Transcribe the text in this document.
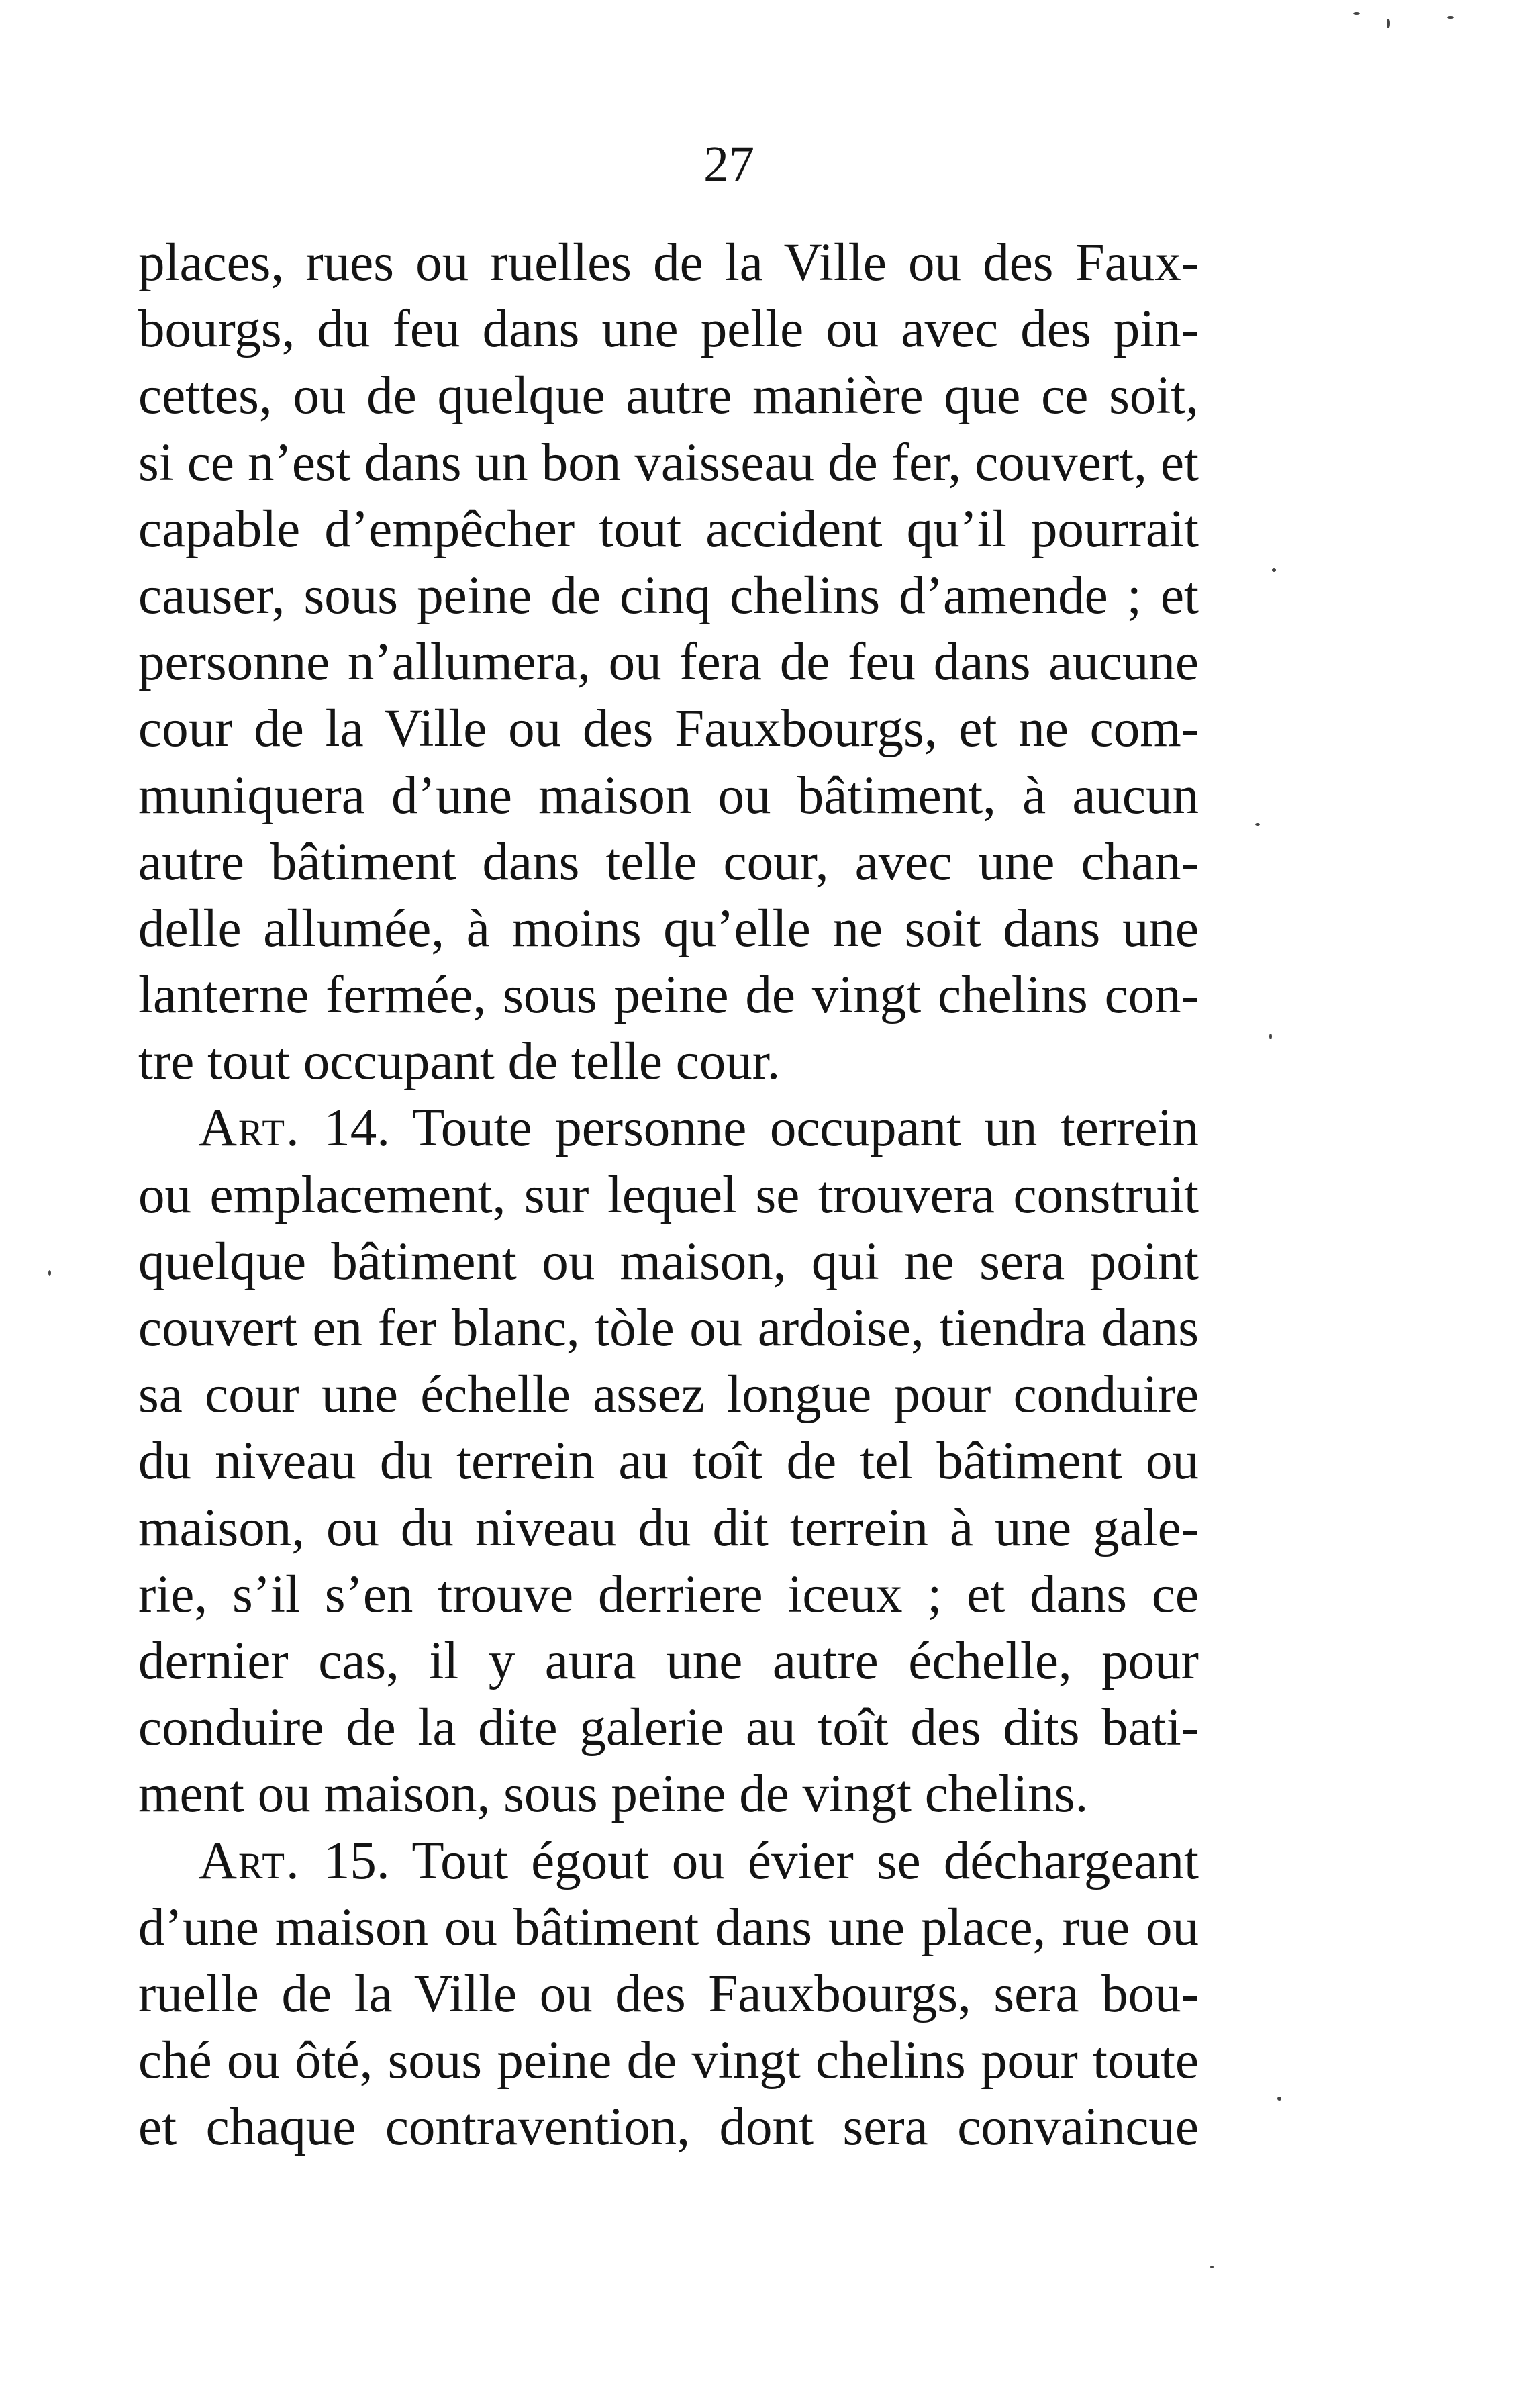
27
places, rues ou ruelles de la Ville ou des Faux-
bourgs, du feu dans une pelle ou avec des pin-
cettes, ou de quelque autre manière que ce soit,
si ce n’est dans un bon vaisseau de fer, couvert, et
capable d’empêcher tout accident qu’il pourrait
causer, sous peine de cinq chelins d’amende ; et
personne n’allumera, ou fera de feu dans aucune
cour de la Ville ou des Fauxbourgs, et ne com-
muniquera d’une maison ou bâtiment, à aucun
autre bâtiment dans telle cour, avec une chan-
delle allumée, à moins qu’elle ne soit dans une
lanterne fermée, sous peine de vingt chelins con-
tre tout occupant de telle cour.
Art. 14. Toute personne occupant un terrein
ou emplacement, sur lequel se trouvera construit
quelque bâtiment ou maison, qui ne sera point
couvert en fer blanc, tòle ou ardoise, tiendra dans
sa cour une échelle assez longue pour conduire
du niveau du terrein au toît de tel bâtiment ou
maison, ou du niveau du dit terrein à une gale-
rie, s’il s’en trouve derriere iceux ; et dans ce
dernier cas, il y aura une autre échelle, pour
conduire de la dite galerie au toît des dits bati-
ment ou maison, sous peine de vingt chelins.
Art. 15. Tout égout ou évier se déchargeant
d’une maison ou bâtiment dans une place, rue ou
ruelle de la Ville ou des Fauxbourgs, sera bou-
ché ou ôté, sous peine de vingt chelins pour toute
et chaque contravention, dont sera convaincue
